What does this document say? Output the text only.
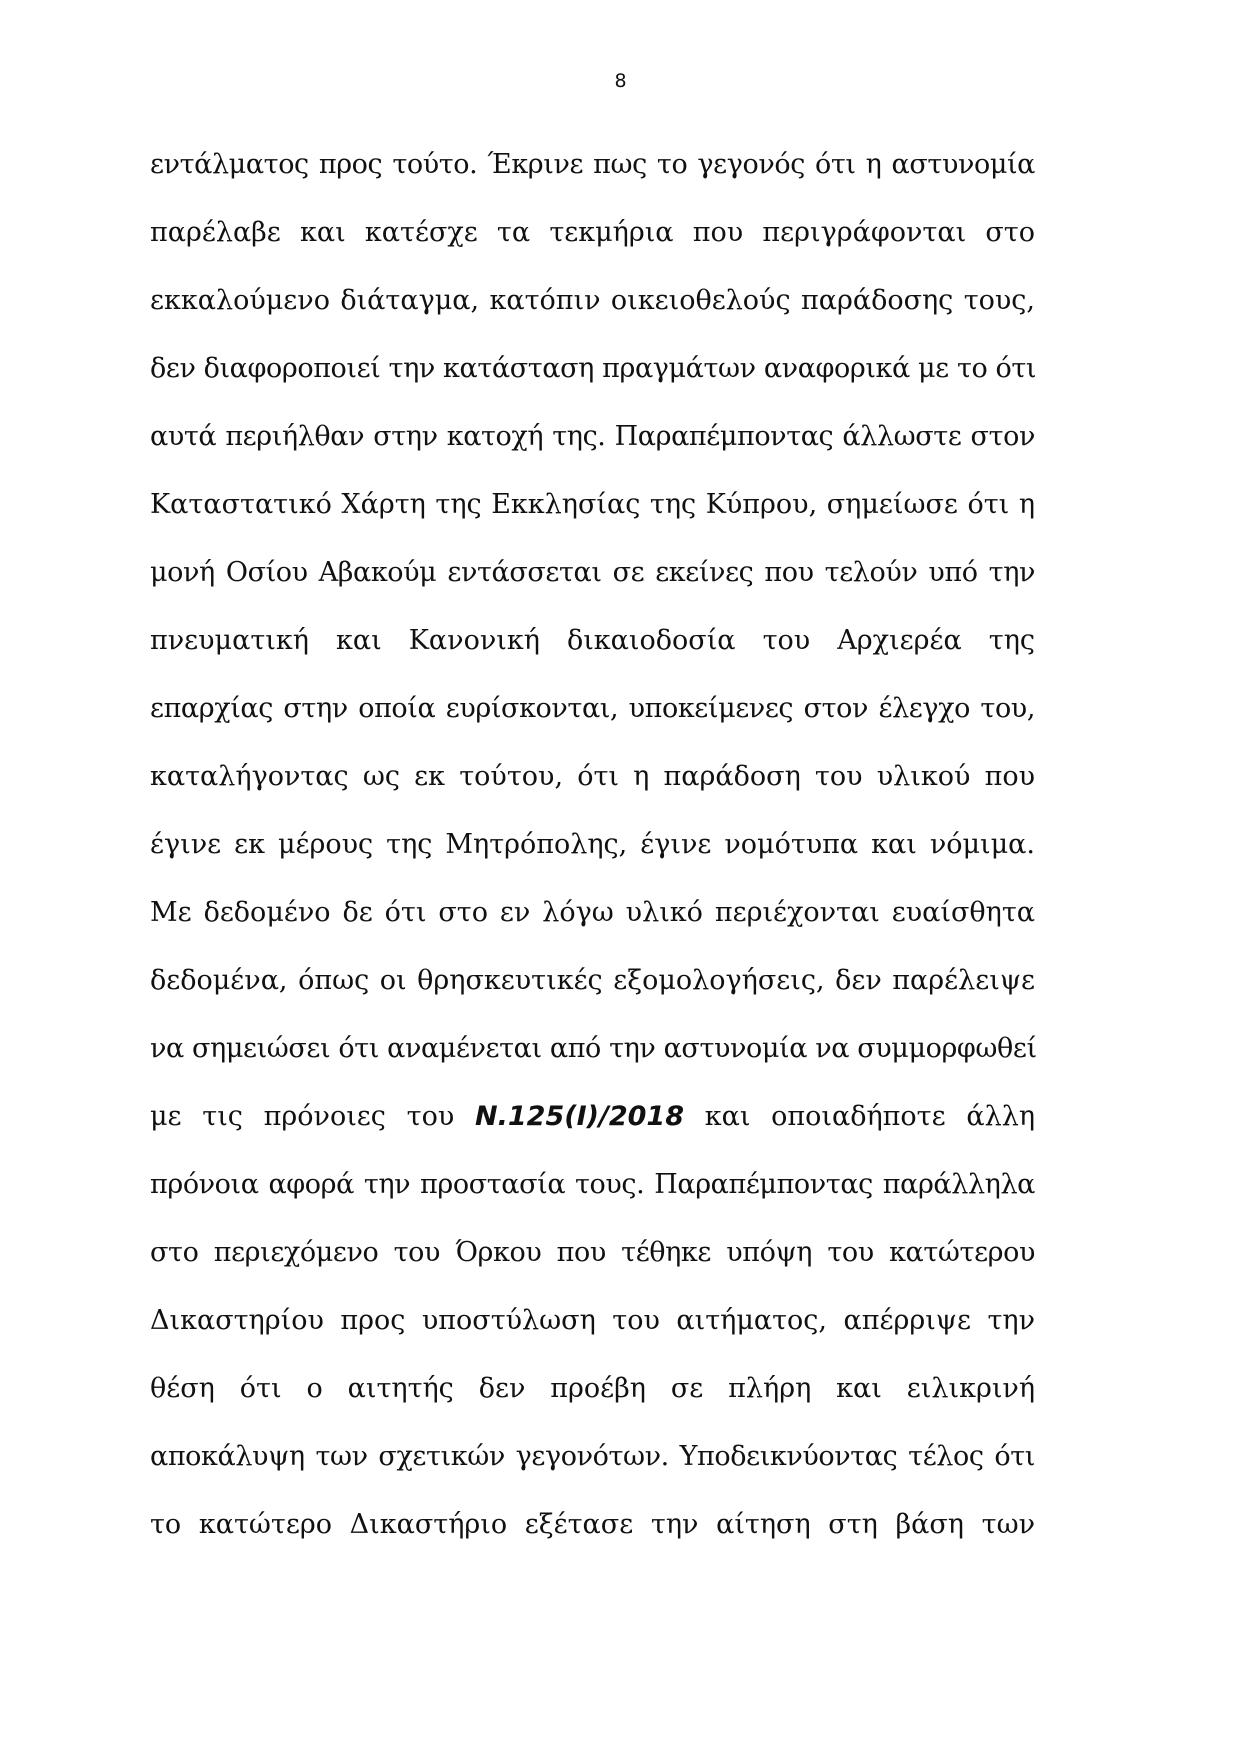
8
εντάλματος προς τούτο. Έκρινε πως το γεγονός ότι η αστυνομία
παρέλαβε και κατέσχε τα τεκμήρια που περιγράφονται στο
εκκαλούμενο διάταγμα, κατόπιν οικειοθελούς παράδοσης τους,
δεν διαφοροποιεί την κατάσταση πραγμάτων αναφορικά με το ότι
αυτά περιήλθαν στην κατοχή της. Παραπέμποντας άλλωστε στον
Καταστατικό Χάρτη της Εκκλησίας της Κύπρου, σημείωσε ότι η
μονή Οσίου Αβακούμ εντάσσεται σε εκείνες που τελούν υπό την
πνευματική και Κανονική δικαιοδοσία του Αρχιερέα της
επαρχίας στην οποία ευρίσκονται, υποκείμενες στον έλεγχο του,
καταλήγοντας ως εκ τούτου, ότι η παράδοση του υλικού που
έγινε εκ μέρους της Μητρόπολης, έγινε νομότυπα και νόμιμα.
Με δεδομένο δε ότι στο εν λόγω υλικό περιέχονται ευαίσθητα
δεδομένα, όπως οι θρησκευτικές εξομολογήσεις, δεν παρέλειψε
να σημειώσει ότι αναμένεται από την αστυνομία να συμμορφωθεί
με τις πρόνοιες του Ν.125(Ι)/2018 και οποιαδήποτε άλλη
πρόνοια αφορά την προστασία τους. Παραπέμποντας παράλληλα
στο περιεχόμενο του Όρκου που τέθηκε υπόψη του κατώτερου
Δικαστηρίου προς υποστύλωση του αιτήματος, απέρριψε την
θέση ότι ο αιτητής δεν προέβη σε πλήρη και ειλικρινή
αποκάλυψη των σχετικών γεγονότων. Υποδεικνύοντας τέλος ότι
το κατώτερο Δικαστήριο εξέτασε την αίτηση στη βάση των
